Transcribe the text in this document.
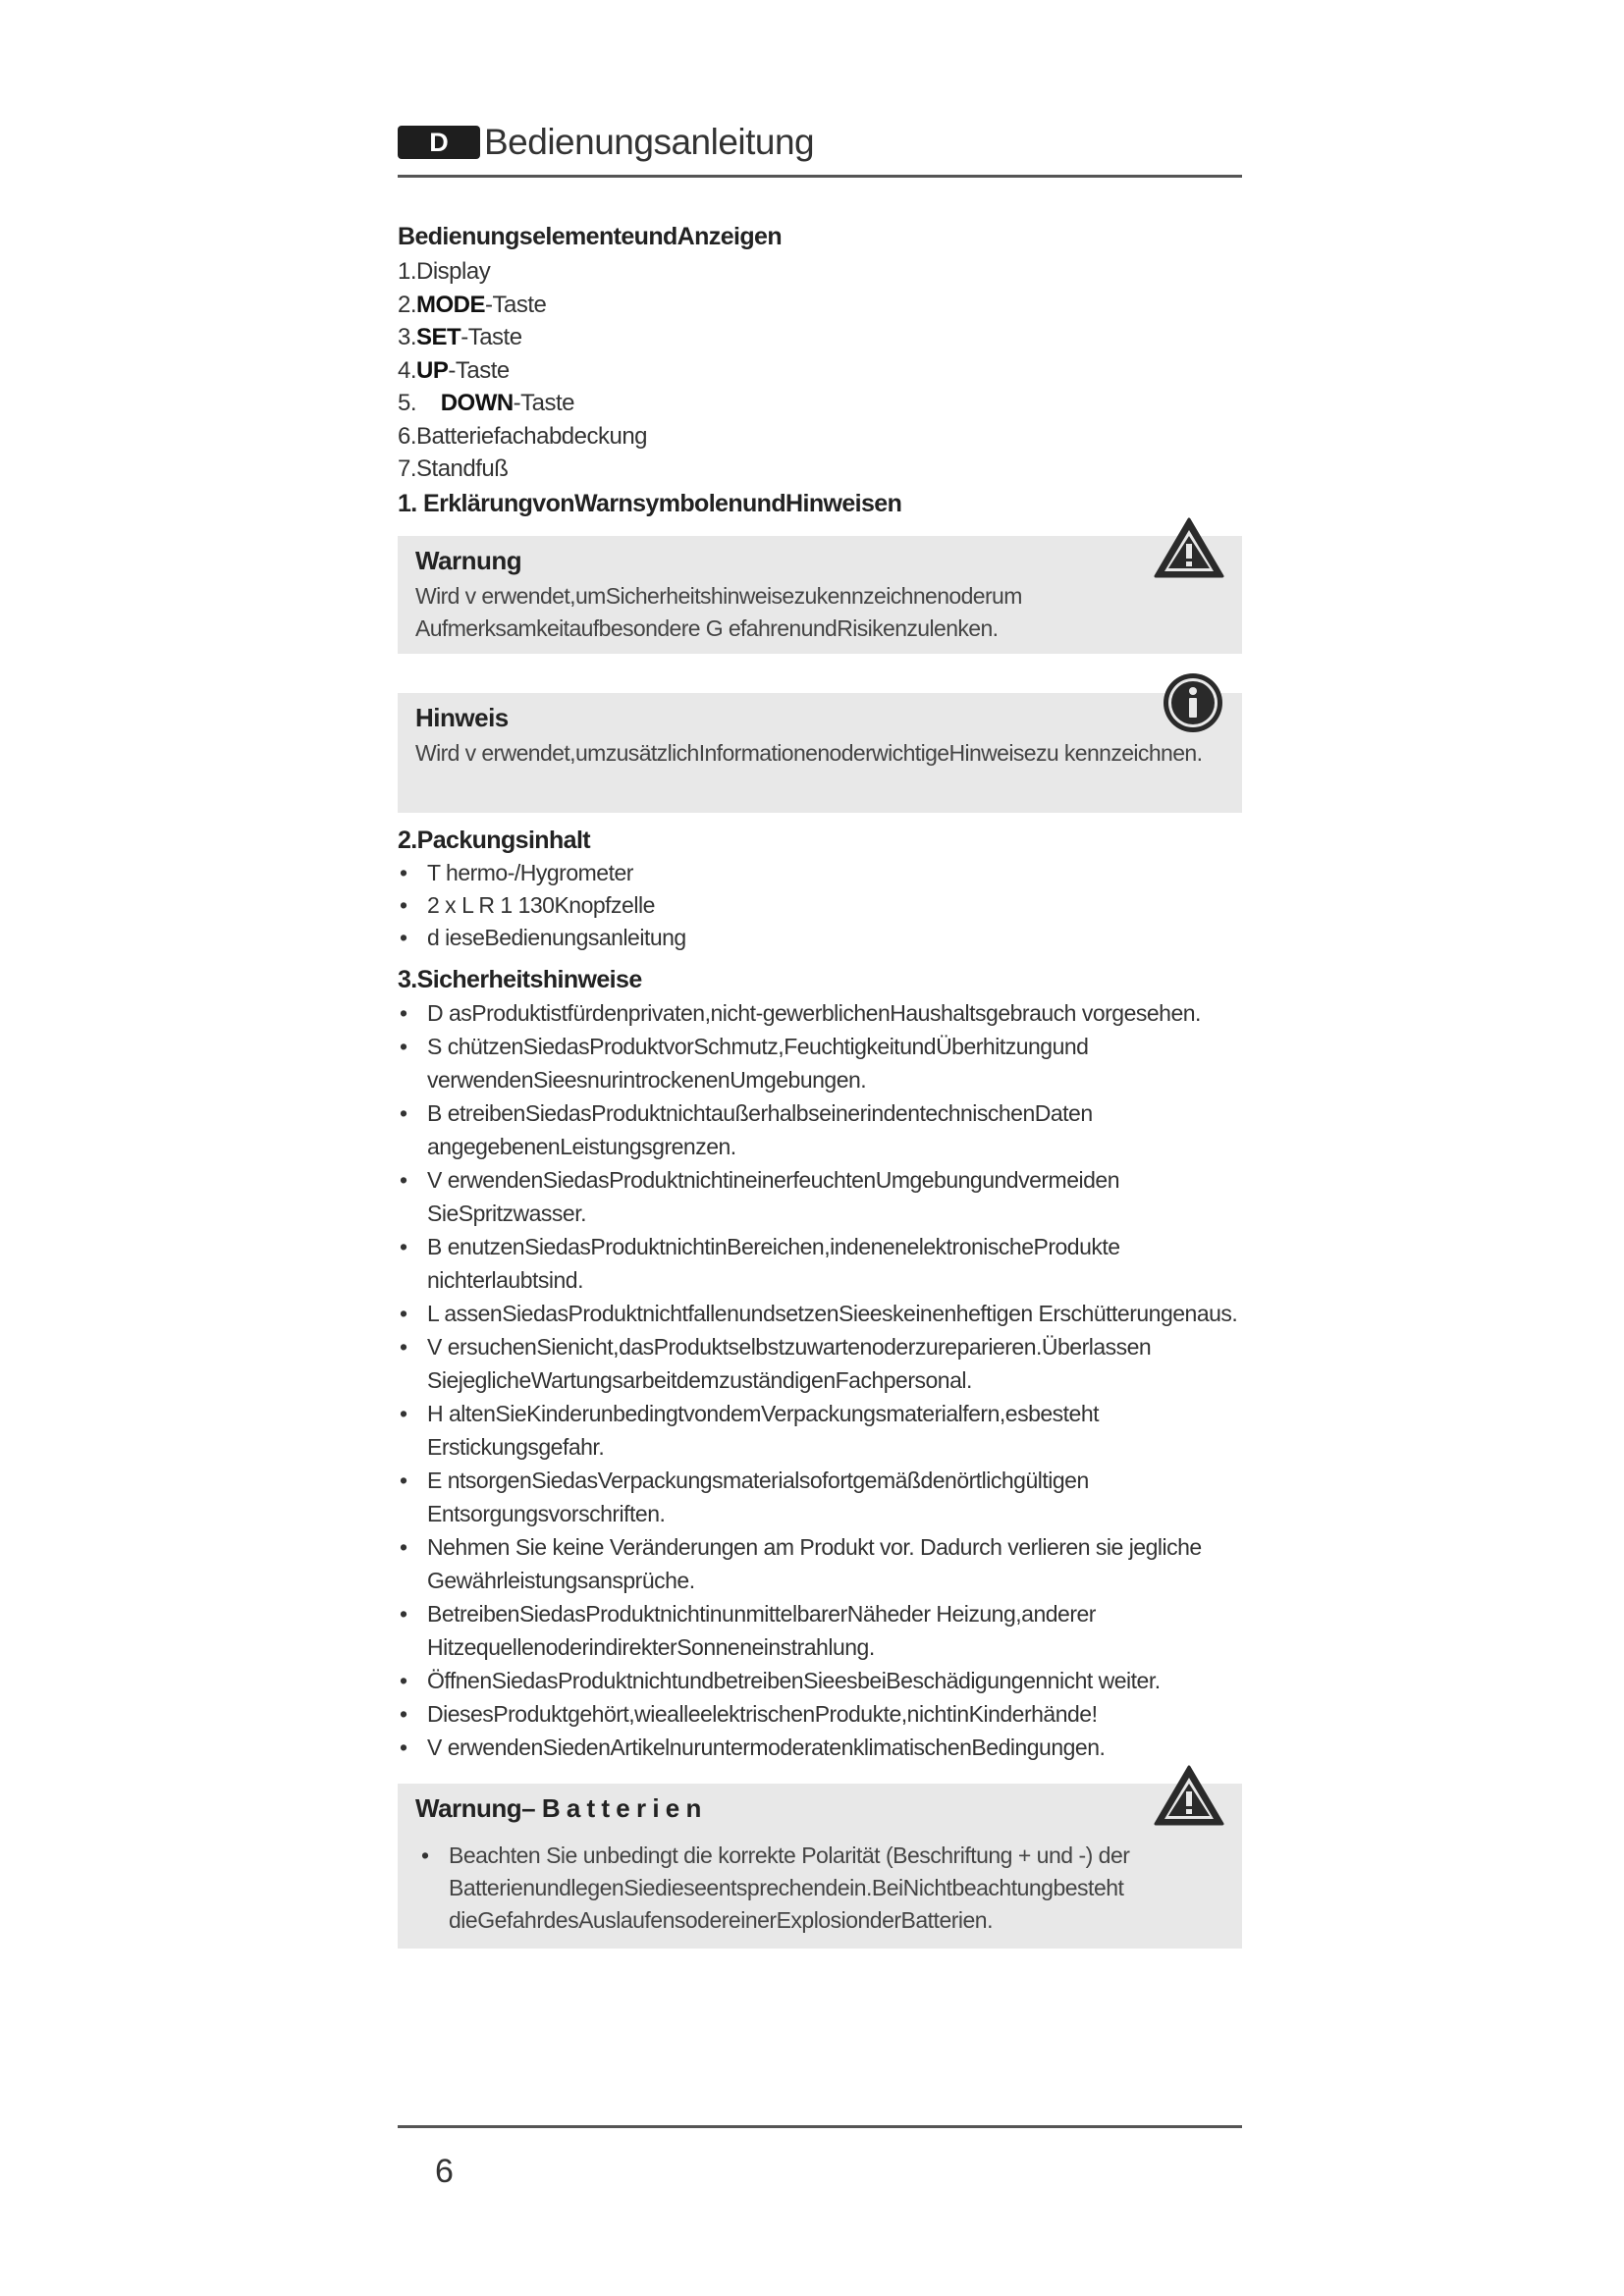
D Bedienungsanleitung
BedienungselementeundAnzeigen
1.Display
2.MODE-Taste
3.SET-Taste
4.UP-Taste
5.    DOWN-Taste
6.Batteriefachabdeckung
7.Standfuß
1. ErklärungvonWarnsymbolenundHinweisen
Warnung
Wird v erwendet,umSicherheitshinweisezukennzeichnenoderum Aufmerksamkeitaufbesondere G efahrenundRisikenzulenken.
Hinweis
Wird v erwendet,umzusätzlichInformationenoderwichtigeHinweisezu kennzeichnen.
2.Packungsinhalt
• T hermo-/Hygrometer
• 2 x L R 1 130Knopfzelle
• d ieseBedienungsanleitung
3.Sicherheitshinweise
• D asProduktistfürdenprivaten,nicht-gewerblichenHaushaltsgebrauch vorgesehen.
• S chützenSiedasProduktvorSchmutz,FeuchtigkeitundÜberhitzungund verwendenSieesnurintrockenenUmgebungen.
• B etreibenSiedasProduktnichtaußerhalbseinerindentechnischenDaten angegebenenLeistungsgrenzen.
• V erwendenSiedasProduktnichtineinerfeuchtenUmgebungundvermeiden SieSpritzwasser.
• B enutzenSiedasProduktnichtinBereichen,indenenelektronischeProdukte nichterlaubtsind.
• L assenSiedasProduktnichtfallenundsetzenSieeskeinenheftigen Erschütterungenaus.
• V ersuchenSienicht,dasProduktselbstzuwartenoderzureparieren.Überlassen SiejeglicheWartungsarbeitdemzuständigenFachpersonal.
• H altenSieKinderunbedingtvondemVerpackungsmaterialfern,esbesteht Erstickungsgefahr.
• E ntsorgenSiedasVerpackungsmaterialsofortgemäßdenörtlichgültigen Entsorgungsvorschriften.
• Nehmen Sie keine Veränderungen am Produkt vor. Dadurch verlieren sie jegliche Gewährleistungsansprüche.
• BetreibenSiedasProduktnichtinunmittelbarerNäheder Heizung,anderer HitzequellenoderindirekterSonneneinstrahlung.
• ÖffnenSiedasProduktnichtundbetreibenSieesbeiBeschädigungennicht weiter.
• DiesesProduktgehört,wiealleelektrischenProdukte,nichtinKinderhände!
• V erwendenSiedenArtikelnuruntermoderatenklimatischenBedingungen.
Warnung– B a t t e r i e n
• Beachten Sie unbedingt die korrekte Polarität (Beschriftung + und -) der BatterienundlegenSiedieseentsprechendein.BeiNichtbeachtungbesteht dieGefahrdesAuslaufensodereinerExplosionderBatterien.
6
